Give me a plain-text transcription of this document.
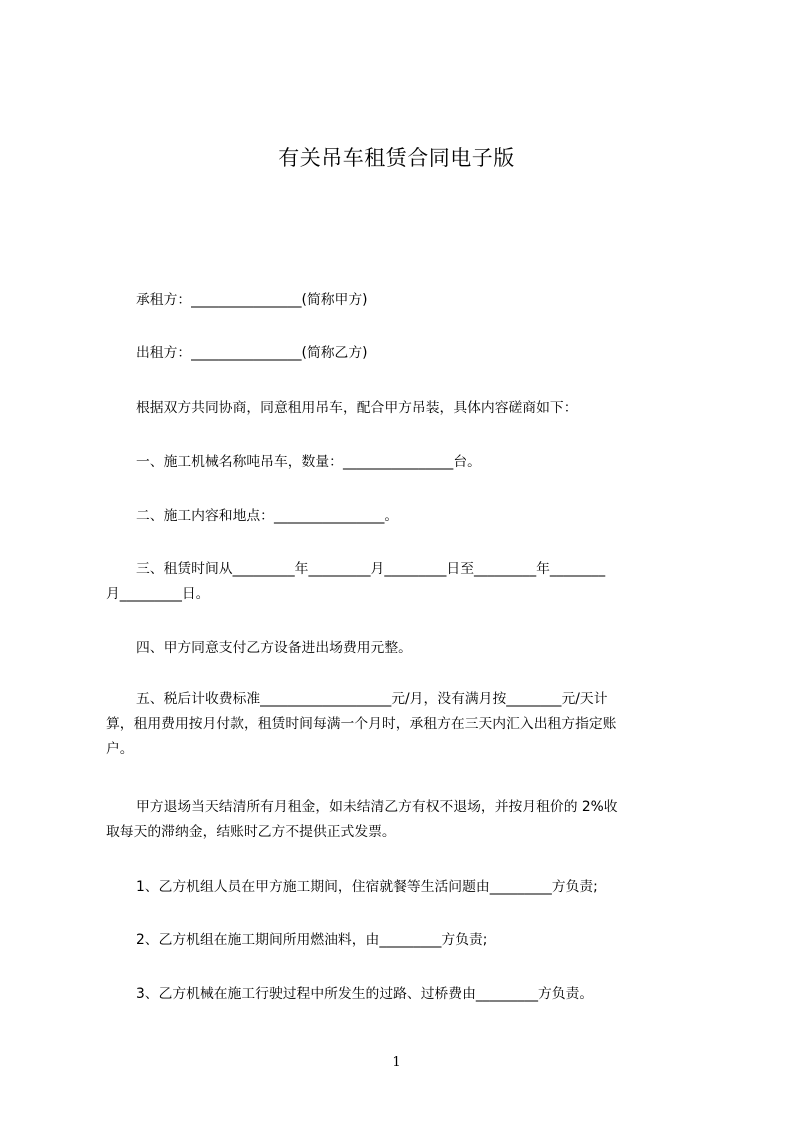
有关吊车租赁合同电子版
承租方：________________(简称甲方)
出租方：________________(简称乙方)
根据双方共同协商，同意租用吊车，配合甲方吊装，具体内容磋商如下：
一、施工机械名称吨吊车，数量：________________台。
二、施工内容和地点：________________。
三、租赁时间从_________年_________月_________日至_________年________
月_________日。
四、甲方同意支付乙方设备进出场费用元整。
五、税后计收费标准___________________元/月，没有满月按________元/天计
算，租用费用按月付款，租赁时间每满一个月时，承租方在三天内汇入出租方指定账
户。
甲方退场当天结清所有月租金，如未结清乙方有权不退场，并按月租价的 2%收
取每天的滞纳金，结账时乙方不提供正式发票。
1、乙方机组人员在甲方施工期间，住宿就餐等生活问题由_________方负责;
2、乙方机组在施工期间所用燃油料，由_________方负责;
3、乙方机械在施工行驶过程中所发生的过路、过桥费由_________方负责。
1
